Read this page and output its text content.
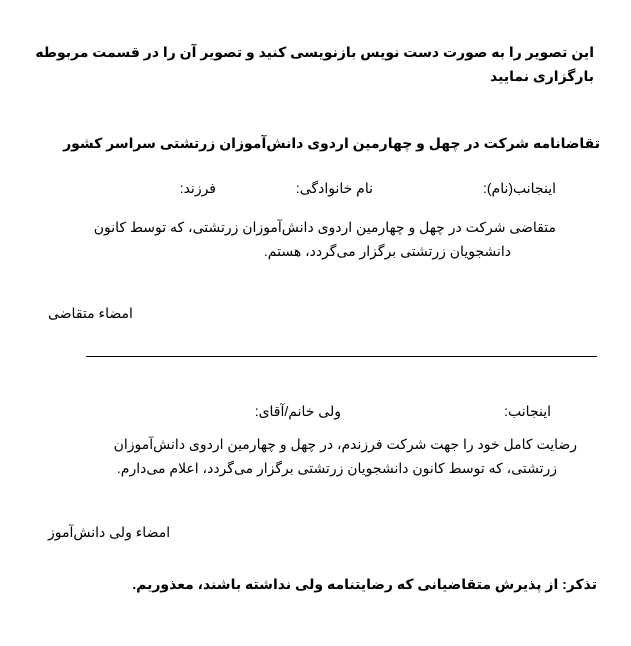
این تصویر را به صورت دست نویس بازنویسی کنید و تصویر آن را در قسمت مربوطه
بارگزاری نمایید
تقاضانامه شرکت در چهل و چهارمین اردوی دانش‌آموزان زرتشتی سراسر کشور
اینجانب(نام):
نام خانوادگی:
فرزند:
متقاضی شرکت در چهل و چهارمین اردوی دانش‌آموزان زرتشتی، که توسط کانون
دانشجویان زرتشتی برگزار می‌گردد، هستم.
امضاء متقاضی
اینجانب:
ولی خانم/آقای:
رضایت کامل خود را جهت شرکت فرزندم، در چهل و چهارمین اردوی دانش‌آموزان
زرتشتی، که توسط کانون دانشجویان زرتشتی برگزار می‌گردد، اعلام می‌دارم.
امضاء ولی دانش‌آموز
تذکر: از پذیرش متقاضیانی که رضایتنامه ولی نداشته باشند، معذوریم.
